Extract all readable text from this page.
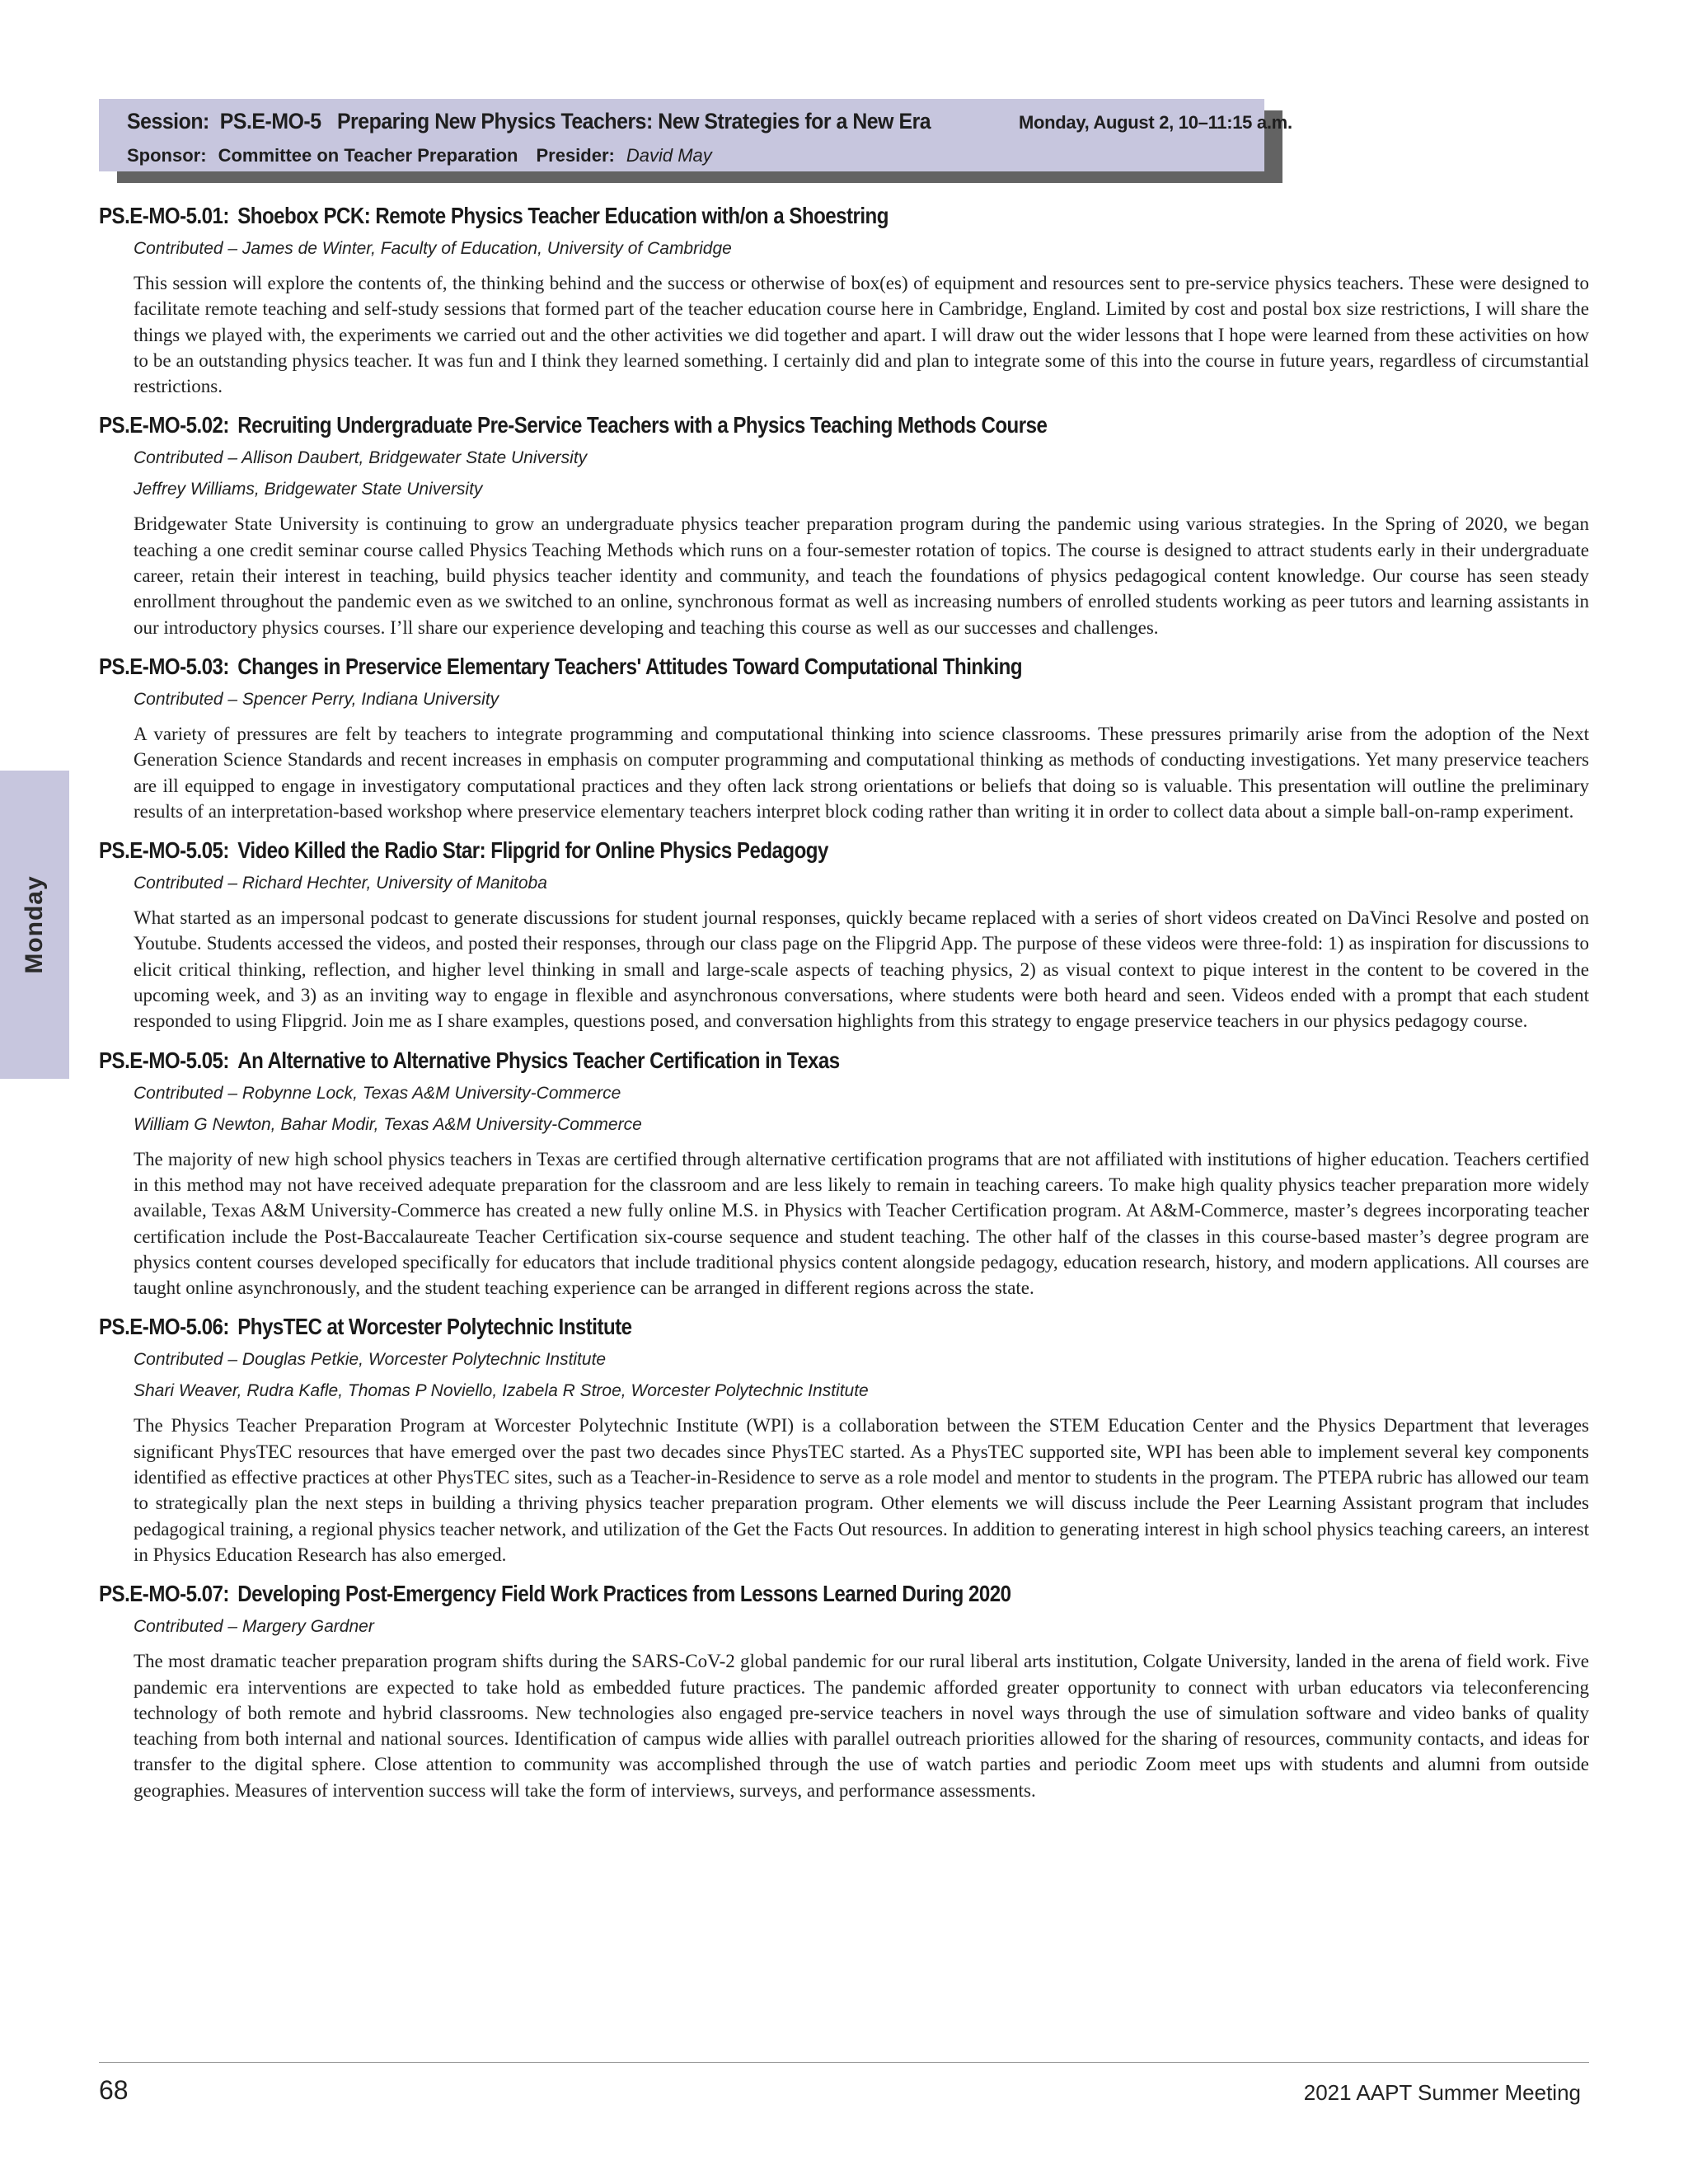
Session: PS.E-MO-5 Preparing New Physics Teachers: New Strategies for a New Era	Monday, August 2, 10–11:15 a.m.
Sponsor: Committee on Teacher Preparation Presider: David May
Monday
PS.E-MO-5.01: Shoebox PCK: Remote Physics Teacher Education with/on a Shoestring
Contributed – James de Winter, Faculty of Education, University of Cambridge
This session will explore the contents of, the thinking behind and the success or otherwise of box(es) of equipment and resources sent to pre-service physics teachers. These were designed to facilitate remote teaching and self-study sessions that formed part of the teacher education course here in Cambridge, England. Limited by cost and postal box size restrictions, I will share the things we played with, the experiments we carried out and the other activities we did together and apart. I will draw out the wider lessons that I hope were learned from these activities on how to be an outstanding physics teacher. It was fun and I think they learned something. I certainly did and plan to integrate some of this into the course in future years, regardless of circumstantial restrictions.
PS.E-MO-5.02: Recruiting Undergraduate Pre-Service Teachers with a Physics Teaching Methods Course
Contributed – Allison Daubert, Bridgewater State University
Jeffrey Williams, Bridgewater State University
Bridgewater State University is continuing to grow an undergraduate physics teacher preparation program during the pandemic using various strategies. In the Spring of 2020, we began teaching a one credit seminar course called Physics Teaching Methods which runs on a four-semester rotation of topics. The course is designed to attract students early in their undergraduate career, retain their interest in teaching, build physics teacher identity and community, and teach the foundations of physics pedagogical content knowledge. Our course has seen steady enrollment throughout the pandemic even as we switched to an online, synchronous format as well as increasing numbers of enrolled students working as peer tutors and learning assistants in our introductory physics courses. I’ll share our experience developing and teaching this course as well as our successes and challenges.
PS.E-MO-5.03: Changes in Preservice Elementary Teachers' Attitudes Toward Computational Thinking
Contributed – Spencer Perry, Indiana University
A variety of pressures are felt by teachers to integrate programming and computational thinking into science classrooms. These pressures primarily arise from the adoption of the Next Generation Science Standards and recent increases in emphasis on computer programming and computational thinking as methods of conducting investigations. Yet many preservice teachers are ill equipped to engage in investigatory computational practices and they often lack strong orientations or beliefs that doing so is valuable. This presentation will outline the preliminary results of an interpretation-based workshop where preservice elementary teachers interpret block coding rather than writing it in order to collect data about a simple ball-on-ramp experiment.
PS.E-MO-5.05: Video Killed the Radio Star: Flipgrid for Online Physics Pedagogy
Contributed – Richard Hechter, University of Manitoba
What started as an impersonal podcast to generate discussions for student journal responses, quickly became replaced with a series of short videos created on DaVinci Resolve and posted on Youtube. Students accessed the videos, and posted their responses, through our class page on the Flipgrid App. The purpose of these videos were three-fold: 1) as inspiration for discussions to elicit critical thinking, reflection, and higher level thinking in small and large-scale aspects of teaching physics, 2) as visual context to pique interest in the content to be covered in the upcoming week, and 3) as an inviting way to engage in flexible and asynchronous conversations, where students were both heard and seen. Videos ended with a prompt that each student responded to using Flipgrid. Join me as I share examples, questions posed, and conversation highlights from this strategy to engage preservice teachers in our physics pedagogy course.
PS.E-MO-5.05: An Alternative to Alternative Physics Teacher Certification in Texas
Contributed – Robynne Lock, Texas A&M University-Commerce
William G Newton, Bahar Modir, Texas A&M University-Commerce
The majority of new high school physics teachers in Texas are certified through alternative certification programs that are not affiliated with institutions of higher education. Teachers certified in this method may not have received adequate preparation for the classroom and are less likely to remain in teaching careers. To make high quality physics teacher preparation more widely available, Texas A&M University-Commerce has created a new fully online M.S. in Physics with Teacher Certification program. At A&M-Commerce, master’s degrees incorporating teacher certification include the Post-Baccalaureate Teacher Certification six-course sequence and student teaching. The other half of the classes in this course-based master’s degree program are physics content courses developed specifically for educators that include traditional physics content alongside pedagogy, education research, history, and modern applications. All courses are taught online asynchronously, and the student teaching experience can be arranged in different regions across the state.
PS.E-MO-5.06: PhysTEC at Worcester Polytechnic Institute
Contributed – Douglas Petkie, Worcester Polytechnic Institute
Shari Weaver, Rudra Kafle, Thomas P Noviello, Izabela R Stroe, Worcester Polytechnic Institute
The Physics Teacher Preparation Program at Worcester Polytechnic Institute (WPI) is a collaboration between the STEM Education Center and the Physics Department that leverages significant PhysTEC resources that have emerged over the past two decades since PhysTEC started. As a PhysTEC supported site, WPI has been able to implement several key components identified as effective practices at other PhysTEC sites, such as a Teacher-in-Residence to serve as a role model and mentor to students in the program. The PTEPA rubric has allowed our team to strategically plan the next steps in building a thriving physics teacher preparation program. Other elements we will discuss include the Peer Learning Assistant program that includes pedagogical training, a regional physics teacher network, and utilization of the Get the Facts Out resources. In addition to generating interest in high school physics teaching careers, an interest in Physics Education Research has also emerged.
PS.E-MO-5.07: Developing Post-Emergency Field Work Practices from Lessons Learned During 2020
Contributed – Margery Gardner
The most dramatic teacher preparation program shifts during the SARS-CoV-2 global pandemic for our rural liberal arts institution, Colgate University, landed in the arena of field work. Five pandemic era interventions are expected to take hold as embedded future practices. The pandemic afforded greater opportunity to connect with urban educators via teleconferencing technology of both remote and hybrid classrooms. New technologies also engaged pre-service teachers in novel ways through the use of simulation software and video banks of quality teaching from both internal and national sources. Identification of campus wide allies with parallel outreach priorities allowed for the sharing of resources, community contacts, and ideas for transfer to the digital sphere. Close attention to community was accomplished through the use of watch parties and periodic Zoom meet ups with students and alumni from outside geographies. Measures of intervention success will take the form of interviews, surveys, and performance assessments.
68	2021 AAPT Summer Meeting
